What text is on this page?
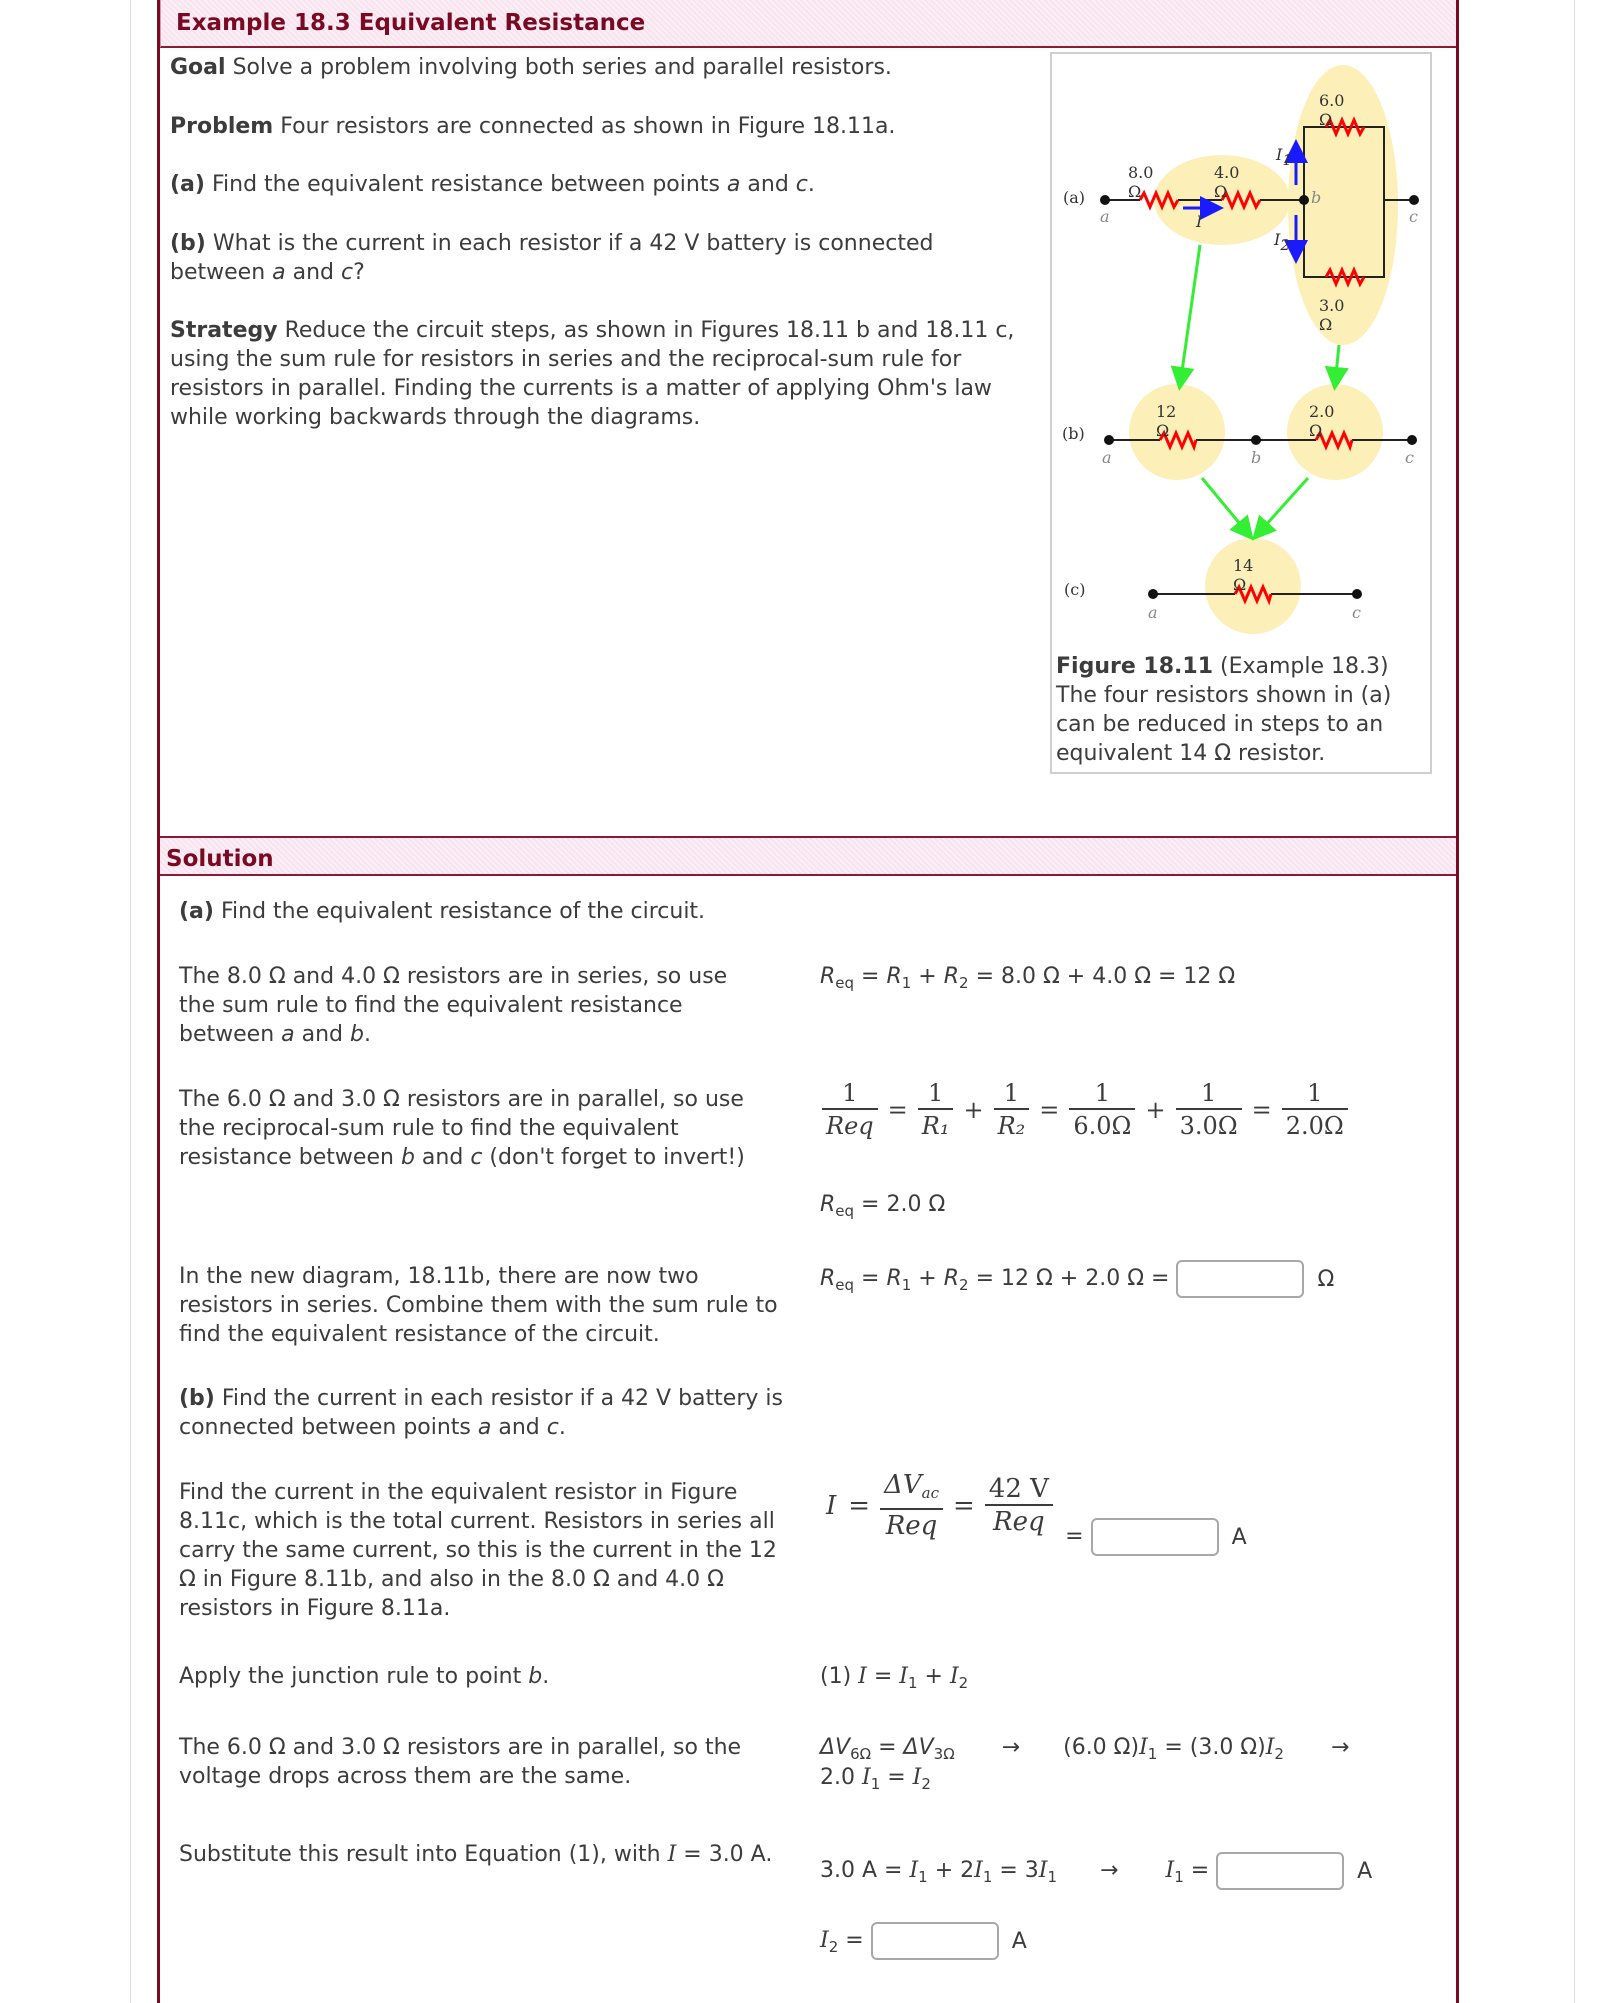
Example 18.3 Equivalent Resistance
Goal Solve a problem involving both series and parallel resistors.
Problem Four resistors are connected as shown in Figure 18.11a.
(a) Find the equivalent resistance between points a and c.
(b) What is the current in each resistor if a 42 V battery is connected between a and c?
Strategy Reduce the circuit steps, as shown in Figures 18.11 b and 18.11 c, using the sum rule for resistors in series and the reciprocal-sum rule for resistors in parallel. Finding the currents is a matter of applying Ohm's law while working backwards through the diagrams.
(a)
8.0 Ω
4.0 Ω
6.0 Ω
3.0 Ω
a
b
c
I
$I_1$
$I_2$
(b)
12 Ω
2.0 Ω
a	b	c
(c)
14 Ω
a	c
Figure 18.11 (Example 18.3) The four resistors shown in (a) can be reduced in steps to an equivalent 14 Ω resistor.
Solution
(a) Find the equivalent resistance of the circuit.
The 8.0 Ω and 4.0 Ω resistors are in series, so use the sum rule to find the equivalent resistance between a and b.
$R_{eq} = R_1 + R_2 = 8.0$ Ω + 4.0 Ω = 12 Ω
The 6.0 Ω and 3.0 Ω resistors are in parallel, so use the reciprocal-sum rule to find the equivalent resistance between b and c (don't forget to invert!)
$\frac{1}{\text{Req}} = \frac{1}{\text{R₁}} + \frac{1}{\text{R₂}} = \frac{1}{6.0\Omega} + \frac{1}{3.0\Omega} = \frac{1}{2.0\Omega}$
$R_{eq} = 2.0$ Ω
In the new diagram, 18.11b, there are now two resistors in series. Combine them with the sum rule to find the equivalent resistance of the circuit.
$R_{eq} = R_1 + R_2 = 12$ Ω + 2.0 Ω =	Ω
(b) Find the current in each resistor if a 42 V battery is connected between points a and c.
Find the current in the equivalent resistor in Figure 8.11c, which is the total current. Resistors in series all carry the same current, so this is the current in the 12 Ω in Figure 8.11b, and also in the 8.0 Ω and 4.0 Ω resistors in Figure 8.11a.
$I = \frac{\Delta V_{ac}}{\text{Req}} = \frac{42 V}{\text{Req}}$ =	A
Apply the junction rule to point b.	(1) $I = I_1 + I_2$
The 6.0 Ω and 3.0 Ω resistors are in parallel, so the voltage drops across them are the same.
$\Delta V_{6\Omega} = \Delta V_{3\Omega} \to (6.0$ $\Omega)I_1 = (3.0$ $\Omega)I_2$ →
2.0 $I_1 = I_2$
Substitute this result into Equation (1), with I = 3.0 A.
3.0 $A = I_1 + 2I_1 = 3I_1 \to I_1$ =	A
$I_2$ =	A
